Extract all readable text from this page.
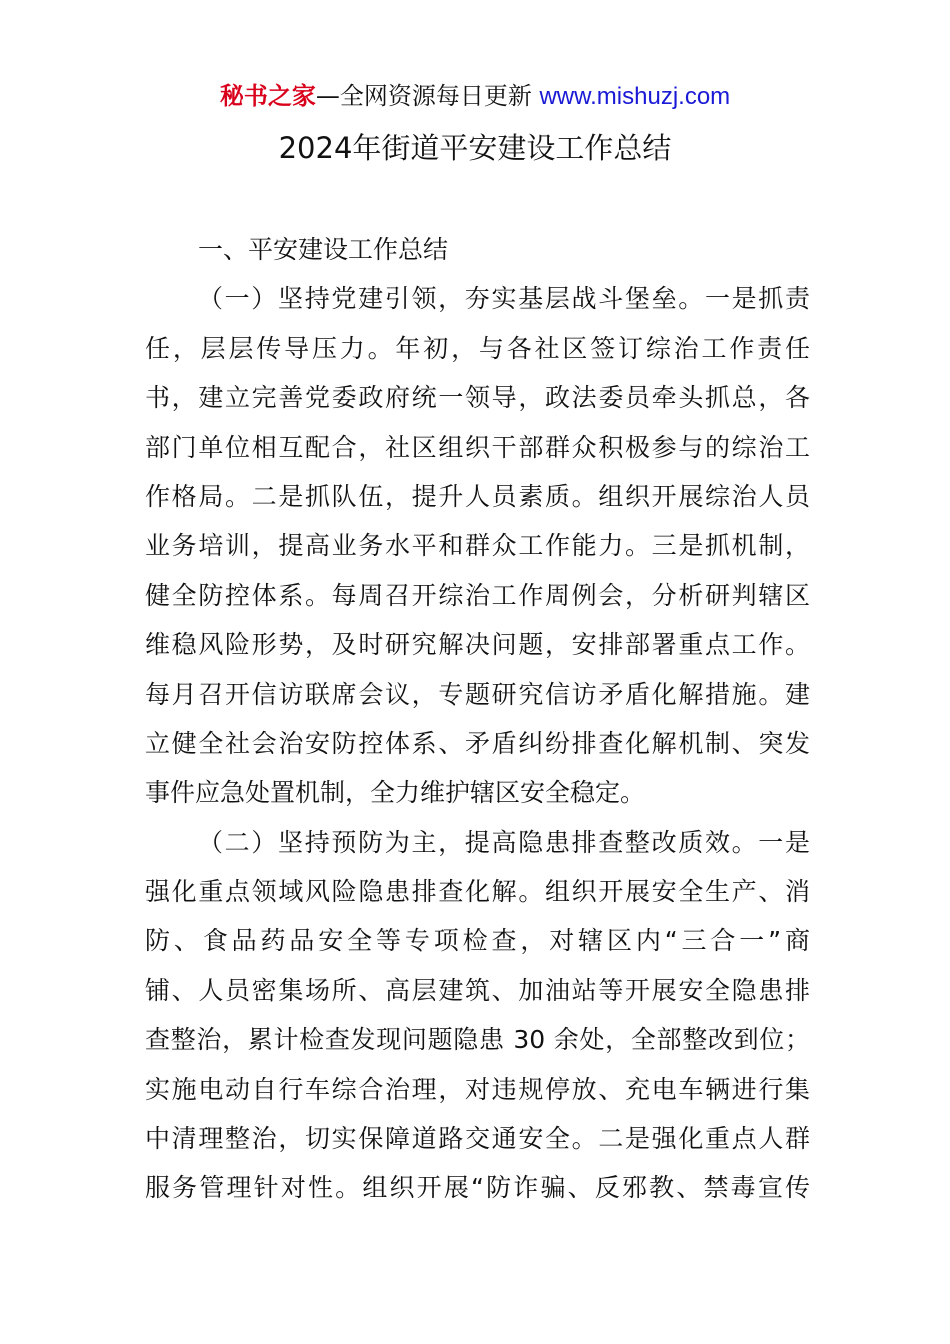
秘书之家—全网资源每日更新 www.mishuzj.com
2024年街道平安建设工作总结
一、平安建设工作总结
（一）坚持党建引领，夯实基层战斗堡垒。一是抓责
任，层层传导压力。年初，与各社区签订综治工作责任
书，建立完善党委政府统一领导，政法委员牵头抓总，各
部门单位相互配合，社区组织干部群众积极参与的综治工
作格局。二是抓队伍，提升人员素质。组织开展综治人员
业务培训，提高业务水平和群众工作能力。三是抓机制，
健全防控体系。每周召开综治工作周例会，分析研判辖区
维稳风险形势，及时研究解决问题，安排部署重点工作。
每月召开信访联席会议，专题研究信访矛盾化解措施。建
立健全社会治安防控体系、矛盾纠纷排查化解机制、突发
事件应急处置机制，全力维护辖区安全稳定。
（二）坚持预防为主，提高隐患排查整改质效。一是
强化重点领域风险隐患排查化解。组织开展安全生产、消
防、食品药品安全等专项检查，对辖区内“三合一”商
铺、人员密集场所、高层建筑、加油站等开展安全隐患排
查整治，累计检查发现问题隐患 30 余处，全部整改到位；
实施电动自行车综合治理，对违规停放、充电车辆进行集
中清理整治，切实保障道路交通安全。二是强化重点人群
服务管理针对性。组织开展“防诈骗、反邪教、禁毒宣传
